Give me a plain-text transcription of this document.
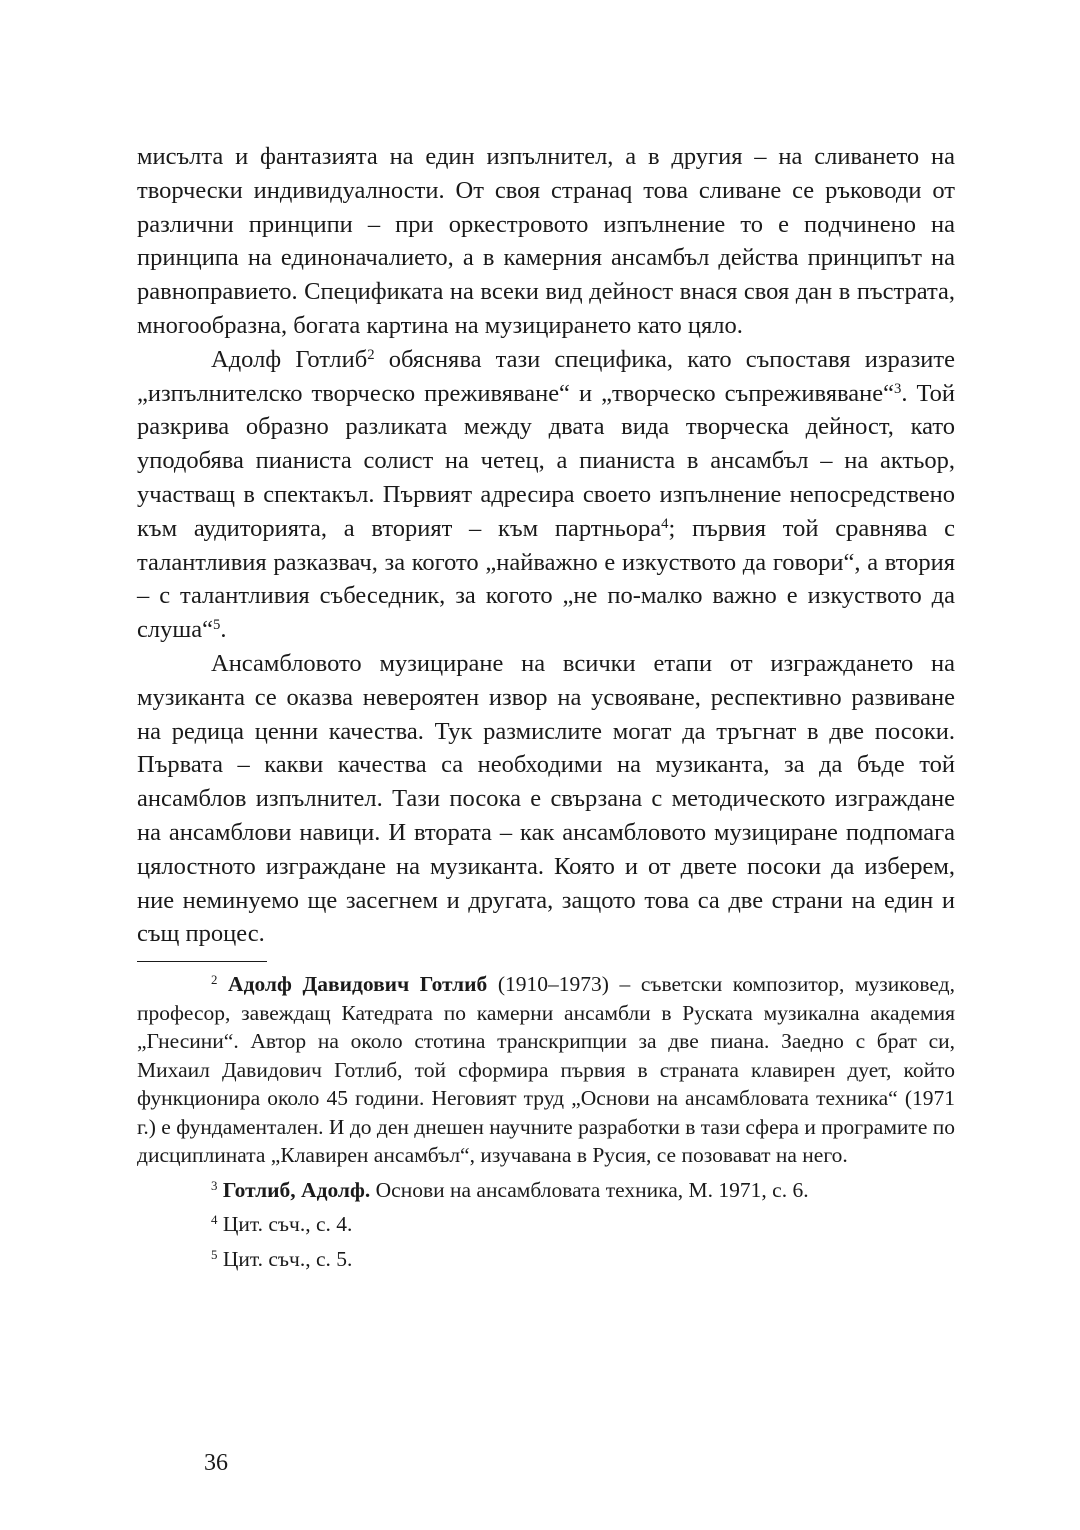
мисълта и фантазията на един изпълнител, а в другия – на сливането на творчески индивидуалности. От своя странаq това сливане се ръководи от различни принципи – при оркестровото изпълнение то е подчинено на принципа на единоначалието, а в камерния ансамбъл действа принципът на равноправието. Спецификата на всеки вид дейност внася своя дан в пъстрата, многообразна, богата картина на музицирането като цяло.

Адолф Готлиб$^2$ обяснява тази специфика, като съпоставя изразите „изпълнителско творческо преживяване“ и „творческо съпреживяване“$^3$. Той разкрива образно разликата между двата вида творческа дейност, като уподобява пианиста солист на четец, а пианиста в ансамбъл – на актьор, участващ в спектакъл. Първият адресира своето изпълнение непосредствено към аудиторията, а вторият – към партньора$^4$; първия той сравнява с талантливия разказвач, за когото „найважно е изкуството да говори“, а втория – с талантливия събеседник, за когото „не по-малко важно е изкуството да слуша“$^5$.

Ансамбловото музициране на всички етапи от изграждането на музиканта се оказва невероятен извор на усвояване, респективно развиване на редица ценни качества. Тук размислите могат да тръгнат в две посоки. Първата – какви качества са необходими на музиканта, за да бъде той ансамблов изпълнител. Тази посока е свързана с методическото изграждане на ансамблови навици. И втората – как ансамбловото музициране подпомага цялостното изграждане на музиканта. Която и от двете посоки да изберем, ние неминуемо ще засегнем и другата, защото това са две страни на един и същ процес.

$^2$ Адолф Давидович Готлиб (1910–1973) – съветски композитор, музиковед, професор, завеждащ Катедрата по камерни ансамбли в Руската музикална академия „Гнесини“. Автор на около стотина транскрипции за две пиана. Заедно с брат си, Михаил Давидович Готлиб, той сформира първия в страната клавирен дует, който функционира около 45 години. Неговият труд „Основи на ансамбловата техника“ (1971 г.) е фундаментален. И до ден днешен научните разработки в тази сфера и програмите по дисциплината „Клавирен ансамбъл“, изучавана в Русия, се позовават на него.

$^3$ Готлиб, Адолф. Основи на ансамбловата техника, М. 1971, с. 6.

$^4$ Цит. съч., с. 4.

$^5$ Цит. съч., с. 5.

36
